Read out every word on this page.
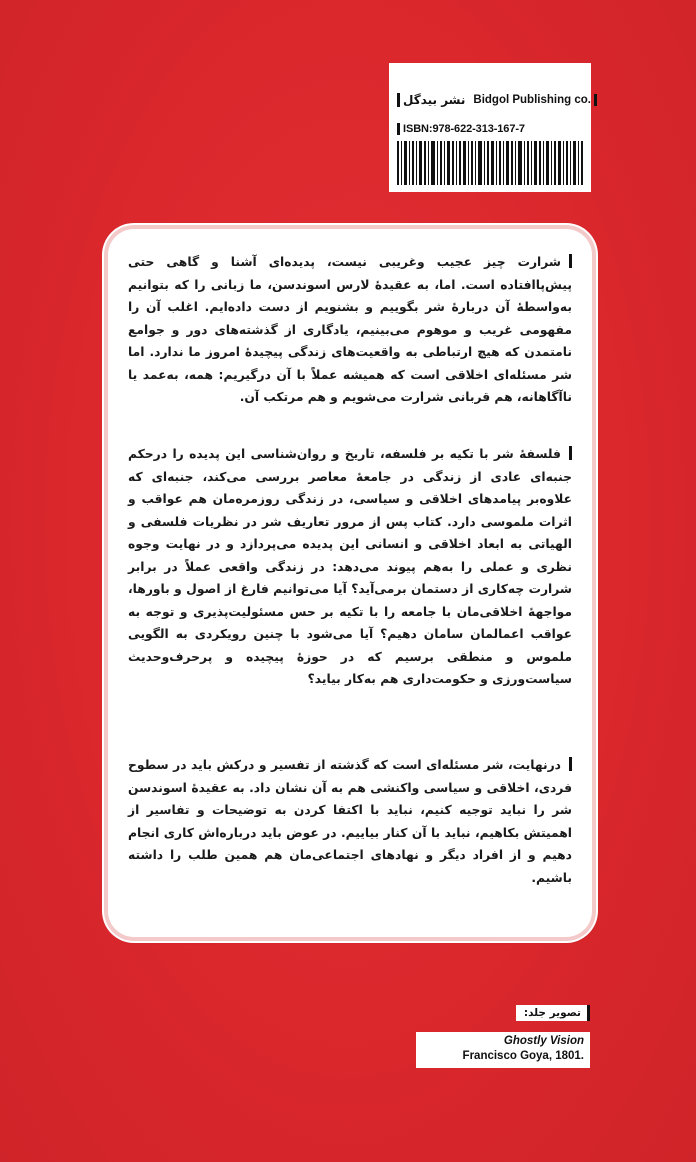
نشر بیدگل Bidgol Publishing co.
ISBN:978-622-313-167-7

شرارت چیز عجیب وغریبی نیست، پدیده‌ای آشنا و گاهی حتی پیش‌پاافتاده است. اما، به عقیدهٔ لارس اسوندسن، ما زبانی را که بتوانیم به‌واسطهٔ آن دربارهٔ شر بگوییم و بشنویم از دست داده‌ایم. اغلب آن را مفهومی غریب و موهوم می‌بینیم، یادگاری از گذشته‌های دور و جوامع نامتمدن که هیچ ارتباطی به واقعیت‌های زندگی پیچیدهٔ امروز ما ندارد. اما شر مسئله‌ای اخلاقی است که همیشه عملاً با آن درگیریم: همه، به‌عمد یا ناآگاهانه، هم قربانی شرارت می‌شویم و هم مرتکب آن.

فلسفهٔ شر با تکیه بر فلسفه، تاریخ و روان‌شناسی این پدیده را درحکم جنبه‌ای عادی از زندگی در جامعهٔ معاصر بررسی می‌کند، جنبه‌ای که علاوه‌بر پیامدهای اخلاقی و سیاسی، در زندگی روزمره‌مان هم عواقب و اثرات ملموسی دارد. کتاب پس از مرور تعاریف شر در نظریات فلسفی و الهیاتی به ابعاد اخلاقی و انسانی این پدیده می‌پردازد و در نهایت وجوه نظری و عملی را به‌هم پیوند می‌دهد: در زندگی واقعی عملاً در برابر شرارت چه‌کاری از دستمان برمی‌آید؟ آیا می‌توانیم فارغ از اصول و باورها، مواجههٔ اخلاقی‌مان با جامعه را با تکیه بر حس مسئولیت‌پذیری و توجه به عواقب اعمالمان سامان دهیم؟ آیا می‌شود با چنین رویکردی به الگویی ملموس و منطقی برسیم که در حوزهٔ پیچیده و پرحرف‌وحدیث سیاست‌ورزی و حکومت‌داری هم به‌کار بیاید؟

درنهایت، شر مسئله‌ای است که گذشته از تفسیر و درکش باید در سطوح فردی، اخلاقی و سیاسی واکنشی هم به آن نشان داد. به عقیدهٔ اسوندسن شر را نباید توجیه کنیم، نباید با اکتفا کردن به توضیحات و تفاسیر از اهمیتش بکاهیم، نباید با آن کنار بیاییم. در عوض باید درباره‌اش کاری انجام دهیم و از افراد دیگر و نهادهای اجتماعی‌مان هم همین طلب را داشته باشیم.

تصویر جلد:
Ghostly Vision
Francisco Goya, 1801.
